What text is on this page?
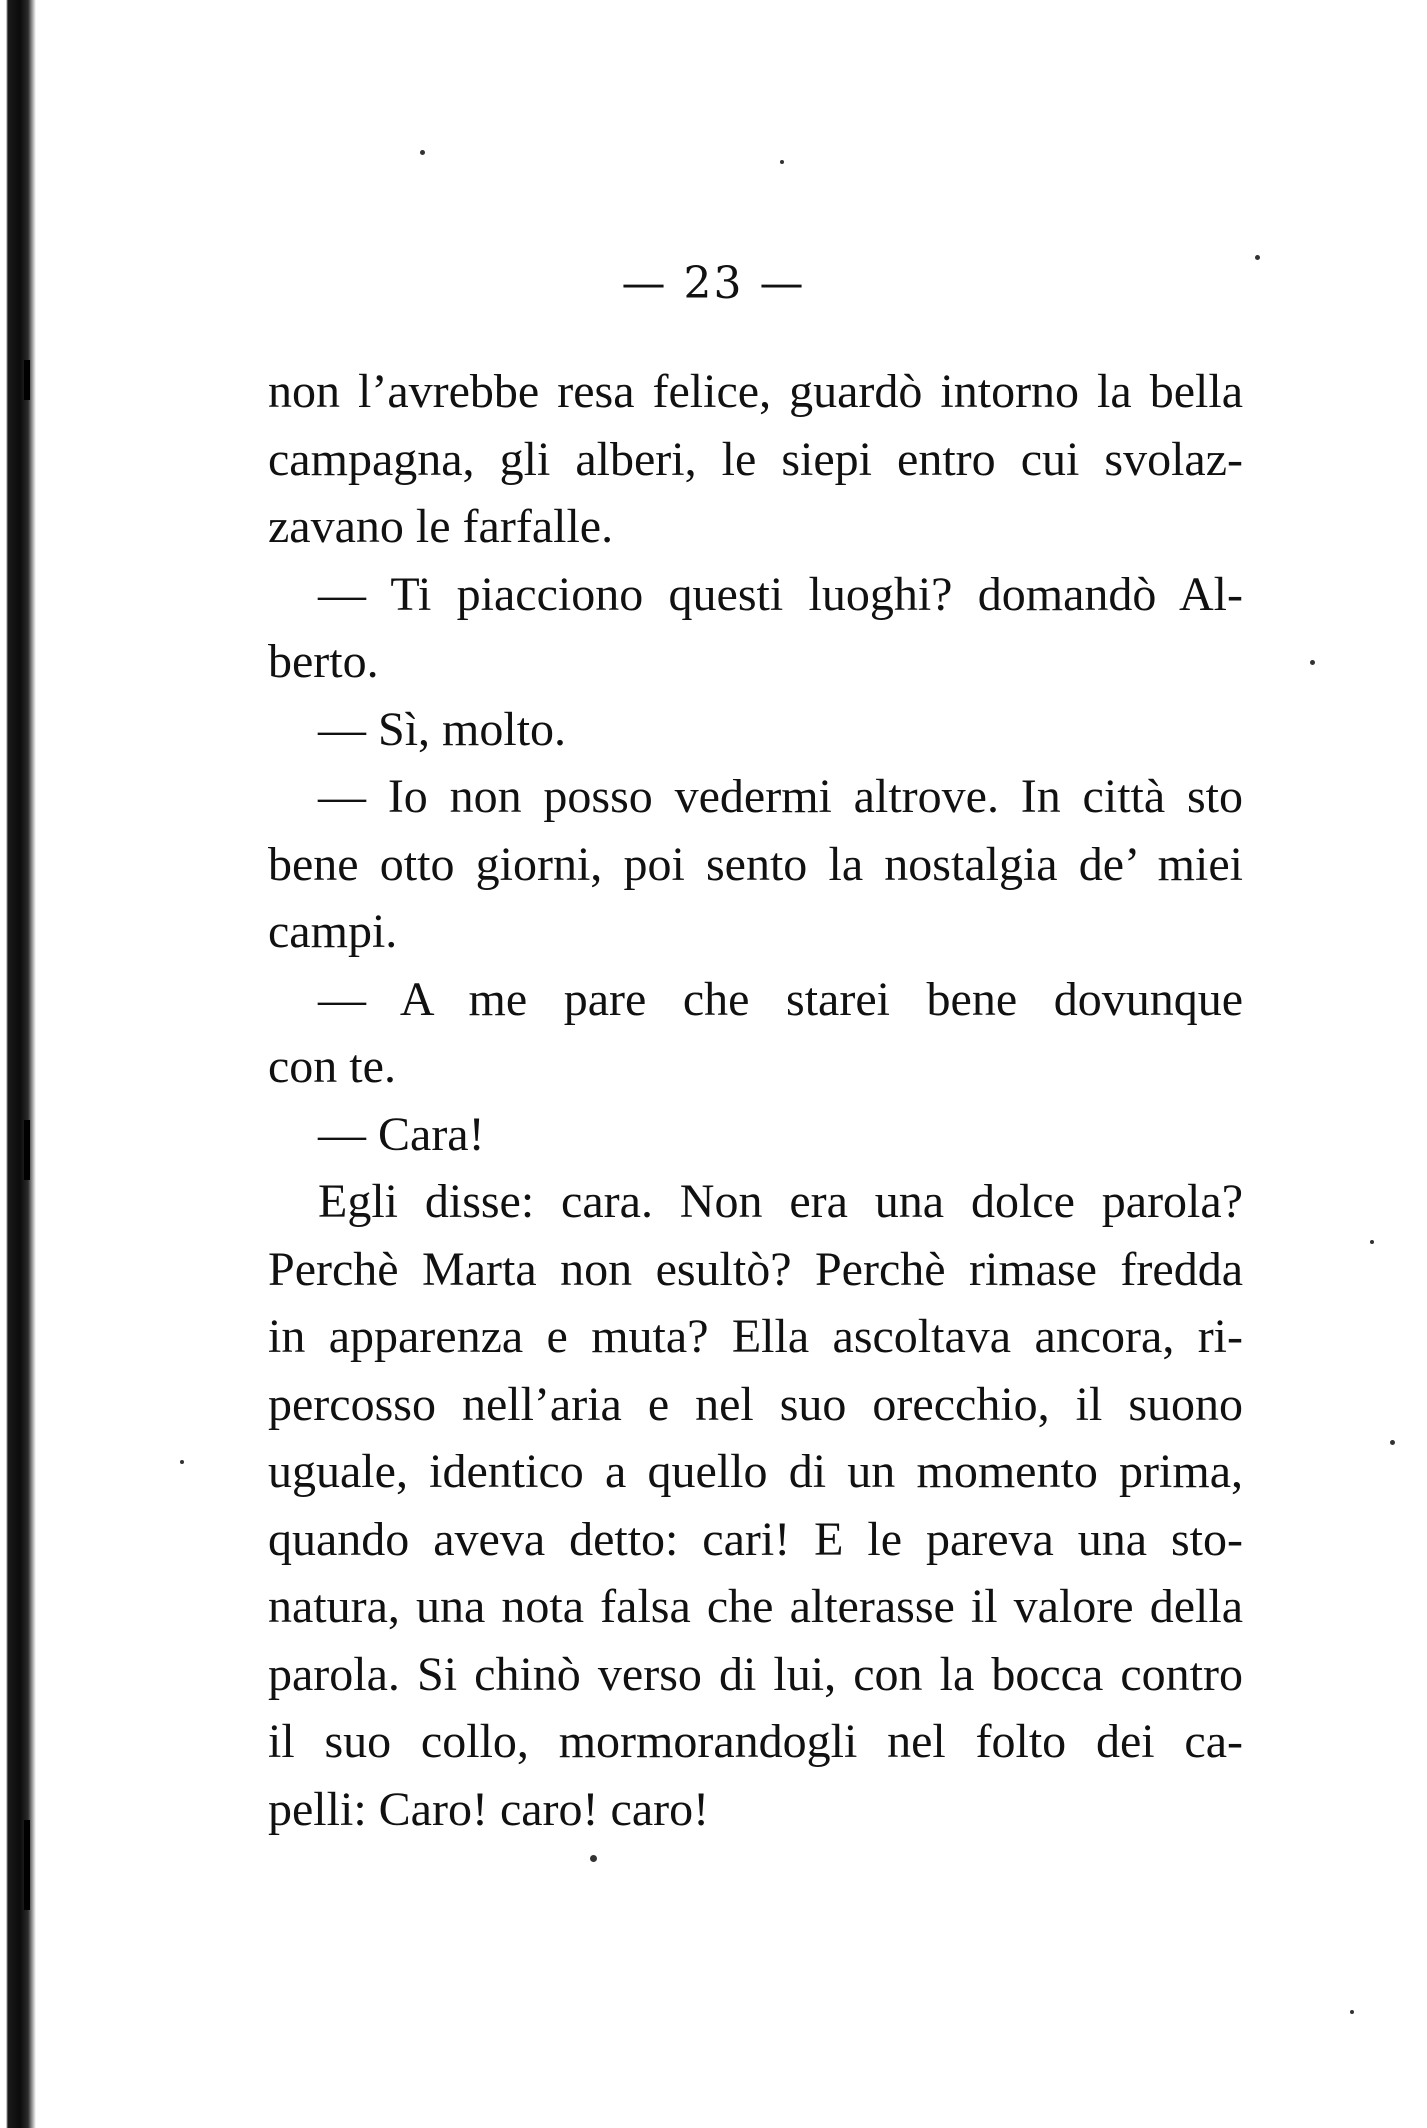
— 23 —
non l’avrebbe resa felice, guardò intorno la bella
campagna, gli alberi, le siepi entro cui svolaz-
zavano le farfalle.
— Ti piacciono questi luoghi? domandò Al-
berto.
— Sì, molto.
— Io non posso vedermi altrove. In città sto
bene otto giorni, poi sento la nostalgia de’ miei
campi.
— A me pare che starei bene dovunque
con te.
— Cara!
Egli disse: cara. Non era una dolce parola?
Perchè Marta non esultò? Perchè rimase fredda
in apparenza e muta? Ella ascoltava ancora, ri-
percosso nell’aria e nel suo orecchio, il suono
uguale, identico a quello di un momento prima,
quando aveva detto: cari! E le pareva una sto-
natura, una nota falsa che alterasse il valore della
parola. Si chinò verso di lui, con la bocca contro
il suo collo, mormorandogli nel folto dei ca-
pelli: Caro! caro! caro!
